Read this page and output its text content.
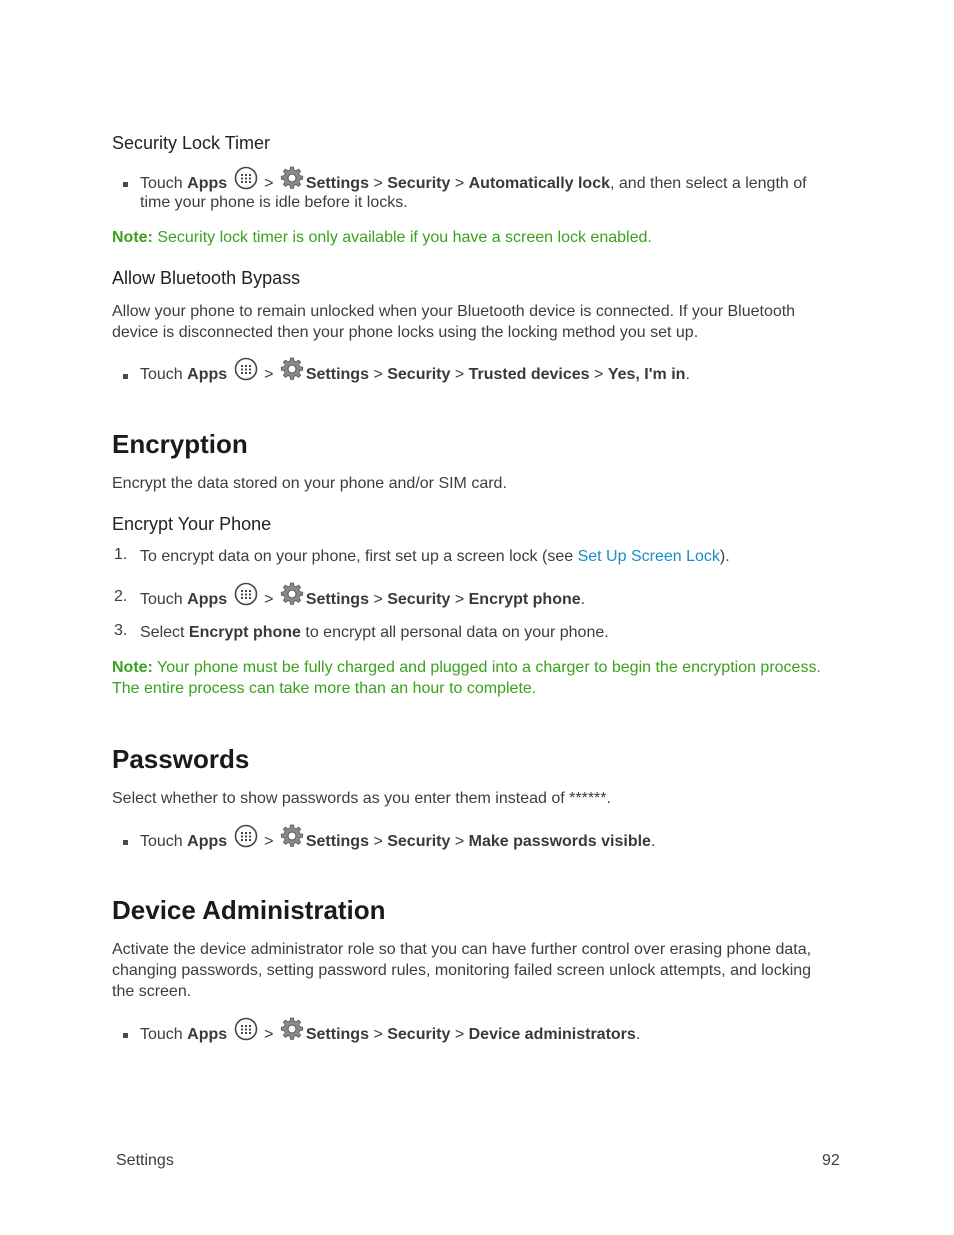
Security Lock Timer
Touch Apps > Settings > Security > Automatically lock, and then select a length of
time your phone is idle before it locks.
Note: Security lock timer is only available if you have a screen lock enabled.
Allow Bluetooth Bypass
Allow your phone to remain unlocked when your Bluetooth device is connected. If your Bluetooth
device is disconnected then your phone locks using the locking method you set up.
Touch Apps > Settings > Security > Trusted devices > Yes, I'm in.
Encryption
Encrypt the data stored on your phone and/or SIM card.
Encrypt Your Phone
1. To encrypt data on your phone, first set up a screen lock (see Set Up Screen Lock).
2. Touch Apps > Settings > Security > Encrypt phone.
3. Select Encrypt phone to encrypt all personal data on your phone.
Note: Your phone must be fully charged and plugged into a charger to begin the encryption process.
The entire process can take more than an hour to complete.
Passwords
Select whether to show passwords as you enter them instead of ******.
Touch Apps > Settings > Security > Make passwords visible.
Device Administration
Activate the device administrator role so that you can have further control over erasing phone data,
changing passwords, setting password rules, monitoring failed screen unlock attempts, and locking
the screen.
Touch Apps > Settings > Security > Device administrators.
Settings	92
